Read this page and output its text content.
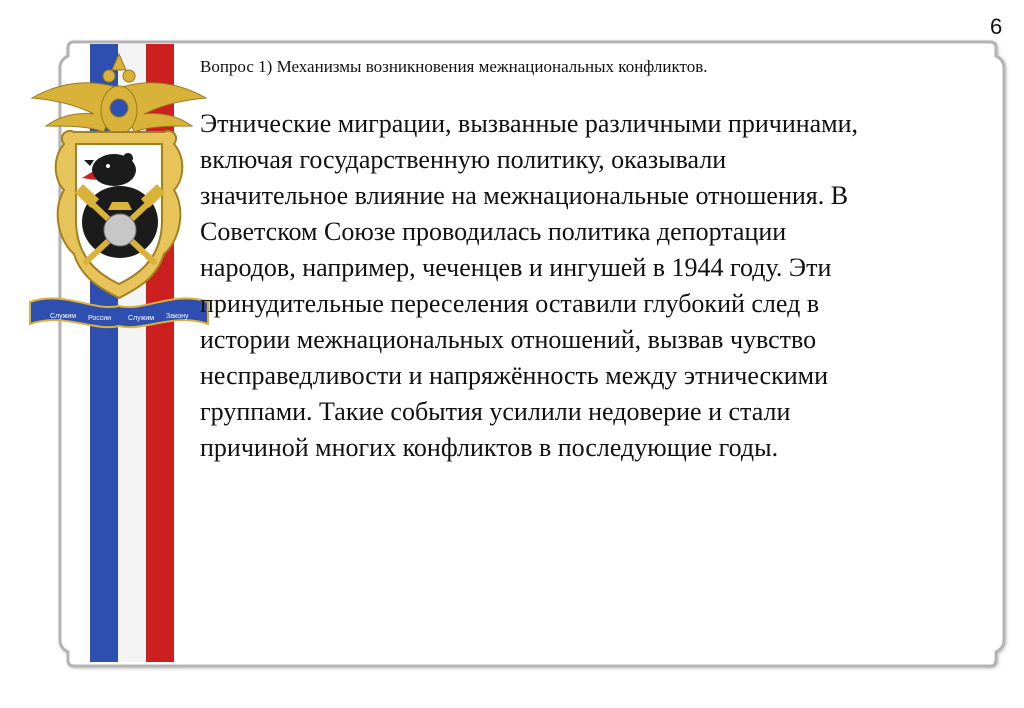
Служим России Служим Закону
6
Вопрос 1) Механизмы возникновения межнациональных конфликтов.

Этнические миграции, вызванные различными причинами,
включая государственную политику, оказывали
значительное влияние на межнациональные отношения. В
Советском Союзе проводилась политика депортации
народов, например, чеченцев и ингушей в 1944 году. Эти
принудительные переселения оставили глубокий след в
истории межнациональных отношений, вызвав чувство
несправедливости и напряжённость между этническими
группами. Такие события усилили недоверие и стали
причиной многих конфликтов в последующие годы.
